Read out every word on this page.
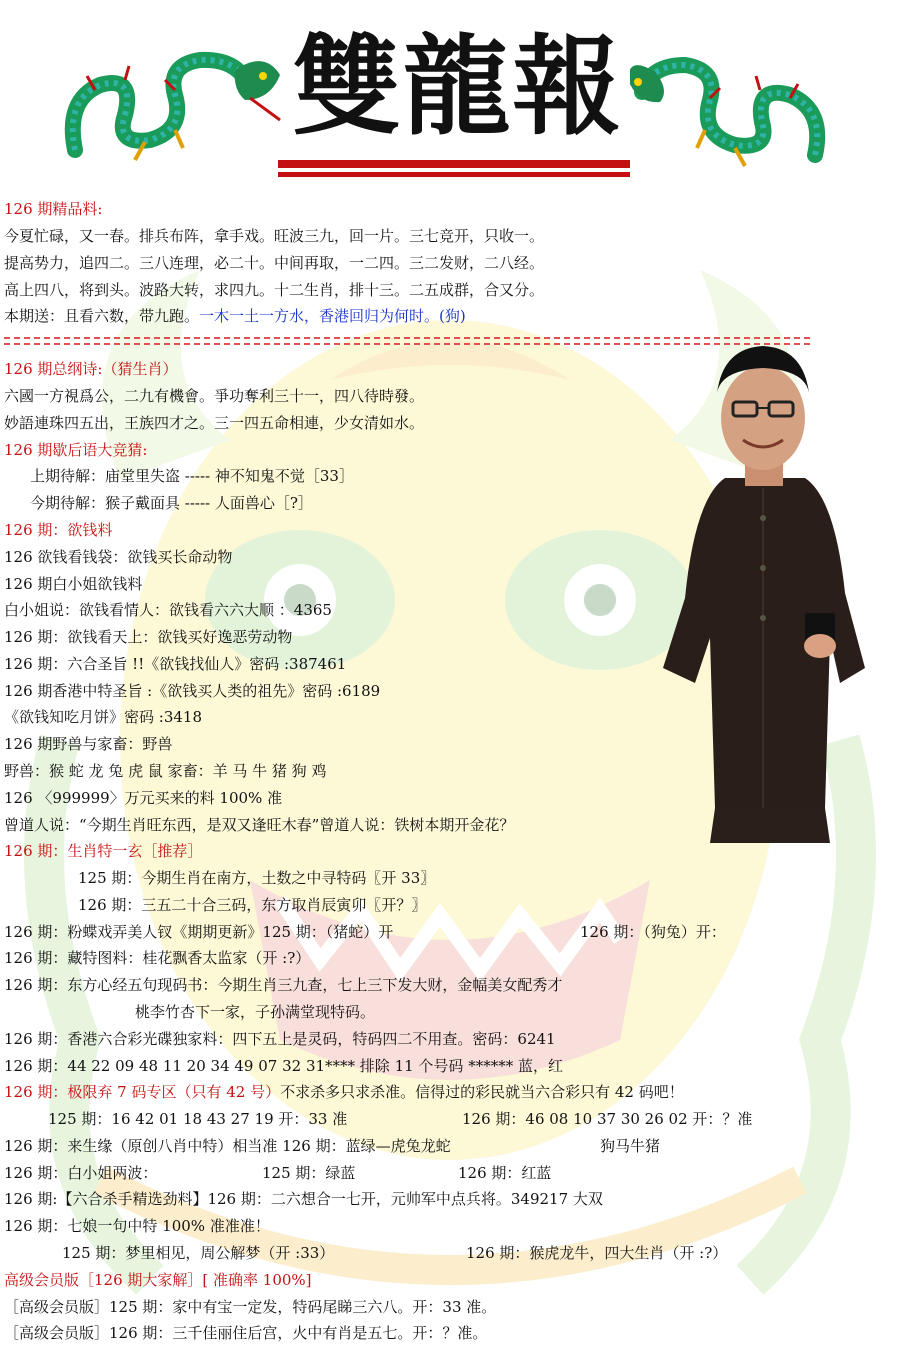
雙龍報
126 期精品料:
今夏忙碌，又一春。排兵布阵，拿手戏。旺波三九，回一片。三七竞开，只收一。
提高势力，追四二。三八连理，必二十。中间再取，一二四。三二发财，二八经。
高上四八，将到头。波路大转，求四九。十二生肖，排十三。二五成群，合又分。
本期送：且看六数，带九跑。一木一土一方水，香港回归为何时。(狗)
126 期总纲诗:（猜生肖）
六國一方視爲公，二九有機會。爭功奪利三十一，四八待時發。
妙語連珠四五出，王族四才之。三一四五命相連，少女清如水。
126 期歇后语大竞猜:
上期待解：庙堂里失盗 ----- 神不知鬼不觉［33］
今期待解：猴子戴面具 ----- 人面兽心［?］
126 期：欲钱料
126 欲钱看钱袋：欲钱买长命动物
126 期白小姐欲钱料
白小姐说：欲钱看情人：欲钱看六六大顺 ：4365
126 期：欲钱看天上：欲钱买好逸恶劳动物
126 期：六合圣旨 !!《欲钱找仙人》密码 :387461
126 期香港中特圣旨 :《欲钱买人类的祖先》密码 :6189
《欲钱知吃月饼》密码 :3418
126 期野兽与家畜：野兽
野兽：猴 蛇 龙 兔 虎 鼠 家畜：羊 马 牛 猪 狗 鸡
126 〈999999〉万元买来的料 100% 准
曾道人说：“今期生肖旺东西，是双又逢旺木春”曾道人说：铁树本期开金花？
126 期：生肖特一玄［推荐］
125 期：今期生肖在南方，土数之中寻特码〖开 33〗
126 期：三五二十合三码，东方取肖辰寅卯〖开？〗
126 期：粉蝶戏弄美人钗《期期更新》125 期：（猪蛇）开	126 期：（狗兔）开：
126 期：藏特图料：桂花飘香太监家（开 :?）
126 期：东方心经五句现码书：今期生肖三九查，七上三下发大财，金幅美女配秀才
桃李竹杏下一家，子孙满堂现特码。
126 期：香港六合彩光碟独家料：四下五上是灵码，特码四二不用查。密码：6241
126 期：44 22 09 48 11 20 34 49 07 32 31**** 排除 11 个号码 ****** 蓝，红
126 期：极限弃 7 码专区（只有 42 号）不求杀多只求杀准。信得过的彩民就当六合彩只有 42 码吧！
125 期：16 42 01 18 43 27 19 开：33 准	126 期：46 08 10 37 30 26 02 开：？准
126 期：来生缘（原创八肖中特）相当准 126 期：蓝绿—虎兔龙蛇	狗马牛猪
126 期：白小姐两波：	125 期：绿蓝	126 期：红蓝
126 期:【六合杀手精选劲料】126 期：二六想合一七开，元帅军中点兵将。349217 大双
126 期：七娘一句中特 100% 准准准！
125 期：梦里相见，周公解梦（开 :33）	126 期：猴虎龙牛，四大生肖（开 :?）
高级会员版［126 期大家解］[ 准确率 100%]
［高级会员版］125 期：家中有宝一定发，特码尾睇三六八。开：33 准。
［高级会员版］126 期：三千佳丽住后宫，火中有肖是五七。开：？准。
